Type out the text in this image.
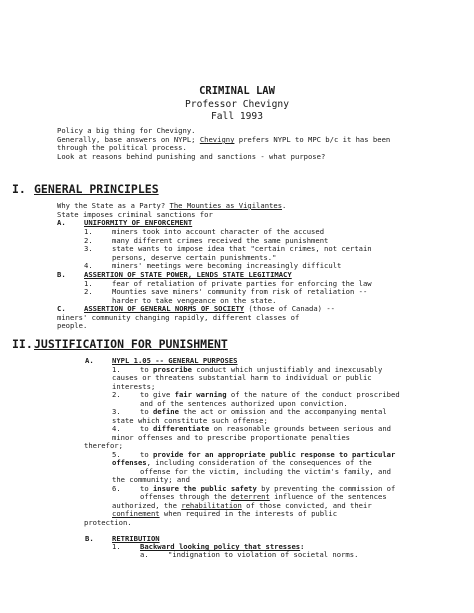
CRIMINAL LAW
Professor Chevigny
Fall 1993
Policy a big thing for Chevigny.
Generally, base answers on NYPL; Chevigny prefers NYPL to MPC b/c it has been
through the political process.
Look at reasons behind punishing and sanctions - what purpose?
I. GENERAL PRINCIPLES
Why the State as a Party? The Mounties as Vigilantes.
State imposes criminal sanctions for
A.	UNIFORMITY OF ENFORCEMENT
1.	miners took into account character of the accused
2.	many different crimes received the same punishment
3.	state wants to impose idea that "certain crimes, not certain
persons, deserve certain punishments."
4.	miners' meetings were becoming increasingly difficult
B.	ASSERTION OF STATE POWER, LENDS STATE LEGITIMACY
1.	fear of retaliation of private parties for enforcing the law
2.	Mounties save miners' community from risk of retaliation --
harder to take vengeance on the state.
C.	ASSERTION OF GENERAL NORMS OF SOCIETY (those of Canada) --
miners' community changing rapidly, different classes of
people.
II.JUSTIFICATION FOR PUNISHMENT
A.	NYPL 1.05 -- GENERAL PURPOSES
1.	to proscribe conduct which unjustifiably and inexcusably
causes or threatens substantial harm to individual or public
interests;
2.	to give fair warning of the nature of the conduct proscribed
and of the sentences authorized upon conviction.
3.	to define the act or omission and the accompanying mental
state which constitute such offense;
4.	to differentiate on reasonable grounds between serious and
minor offenses and to prescribe proportionate penalties
therefor;
5.	to provide for an appropriate public response to particular
offenses, including consideration of the consequences of the
offense for the victim, including the victim's family, and
the community; and
6.	to insure the public safety by preventing the commission of
offenses through the deterrent influence of the sentences
authorized, the rehabilitation of those convicted, and their
confinement when required in the interests of public
protection.
B.	RETRIBUTION
1.	Backward looking policy that stresses:
a.	"indignation to violation of societal norms.
